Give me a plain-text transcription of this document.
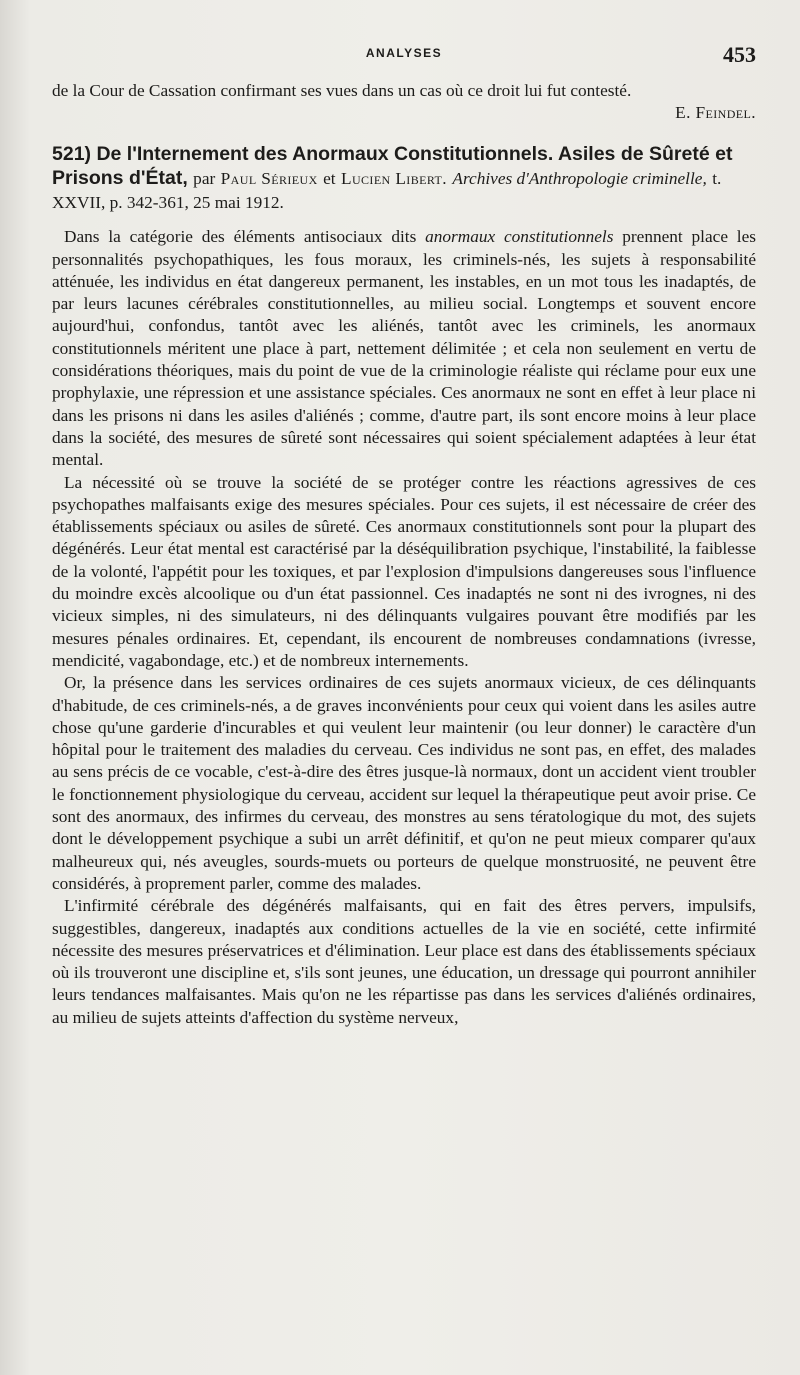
ANALYSES	453

de la Cour de Cassation confirmant ses vues dans un cas où ce droit lui fut contesté.

E. Feindel.
521) De l'Internement des Anormaux Constitutionnels. Asiles de Sûreté et Prisons d'État, par Paul Sérieux et Lucien Libert. Archives d'Anthropologie criminelle, t. XXVII, p. 342-361, 25 mai 1912.

Dans la catégorie des éléments antisociaux dits anormaux constitutionnels prennent place les personnalités psychopathiques, les fous moraux, les criminels-nés, les sujets à responsabilité atténuée, les individus en état dangereux permanent, les instables, en un mot tous les inadaptés, de par leurs lacunes cérébrales constitutionnelles, au milieu social. Longtemps et souvent encore aujourd'hui, confondus, tantôt avec les aliénés, tantôt avec les criminels, les anormaux constitutionnels méritent une place à part, nettement délimitée ; et cela non seulement en vertu de considérations théoriques, mais du point de vue de la criminologie réaliste qui réclame pour eux une prophylaxie, une répression et une assistance spéciales. Ces anormaux ne sont en effet à leur place ni dans les prisons ni dans les asiles d'aliénés ; comme, d'autre part, ils sont encore moins à leur place dans la société, des mesures de sûreté sont nécessaires qui soient spécialement adaptées à leur état mental.

La nécessité où se trouve la société de se protéger contre les réactions agressives de ces psychopathes malfaisants exige des mesures spéciales. Pour ces sujets, il est nécessaire de créer des établissements spéciaux ou asiles de sûreté. Ces anormaux constitutionnels sont pour la plupart des dégénérés. Leur état mental est caractérisé par la déséquilibration psychique, l'instabilité, la faiblesse de la volonté, l'appétit pour les toxiques, et par l'explosion d'impulsions dangereuses sous l'influence du moindre excès alcoolique ou d'un état passionnel. Ces inadaptés ne sont ni des ivrognes, ni des vicieux simples, ni des simulateurs, ni des délinquants vulgaires pouvant être modifiés par les mesures pénales ordinaires. Et, cependant, ils encourent de nombreuses condamnations (ivresse, mendicité, vagabondage, etc.) et de nombreux internements.

Or, la présence dans les services ordinaires de ces sujets anormaux vicieux, de ces délinquants d'habitude, de ces criminels-nés, a de graves inconvénients pour ceux qui voient dans les asiles autre chose qu'une garderie d'incurables et qui veulent leur maintenir (ou leur donner) le caractère d'un hôpital pour le traitement des maladies du cerveau. Ces individus ne sont pas, en effet, des malades au sens précis de ce vocable, c'est-à-dire des êtres jusque-là normaux, dont un accident vient troubler le fonctionnement physiologique du cerveau, accident sur lequel la thérapeutique peut avoir prise. Ce sont des anormaux, des infirmes du cerveau, des monstres au sens tératologique du mot, des sujets dont le développement psychique a subi un arrêt définitif, et qu'on ne peut mieux comparer qu'aux malheureux qui, nés aveugles, sourds-muets ou porteurs de quelque monstruosité, ne peuvent être considérés, à proprement parler, comme des malades.

L'infirmité cérébrale des dégénérés malfaisants, qui en fait des êtres pervers, impulsifs, suggestibles, dangereux, inadaptés aux conditions actuelles de la vie en société, cette infirmité nécessite des mesures préservatrices et d'élimination. Leur place est dans des établissements spéciaux où ils trouveront une discipline et, s'ils sont jeunes, une éducation, un dressage qui pourront annihiler leurs tendances malfaisantes. Mais qu'on ne les répartisse pas dans les services d'aliénés ordinaires, au milieu de sujets atteints d'affection du système nerveux,
